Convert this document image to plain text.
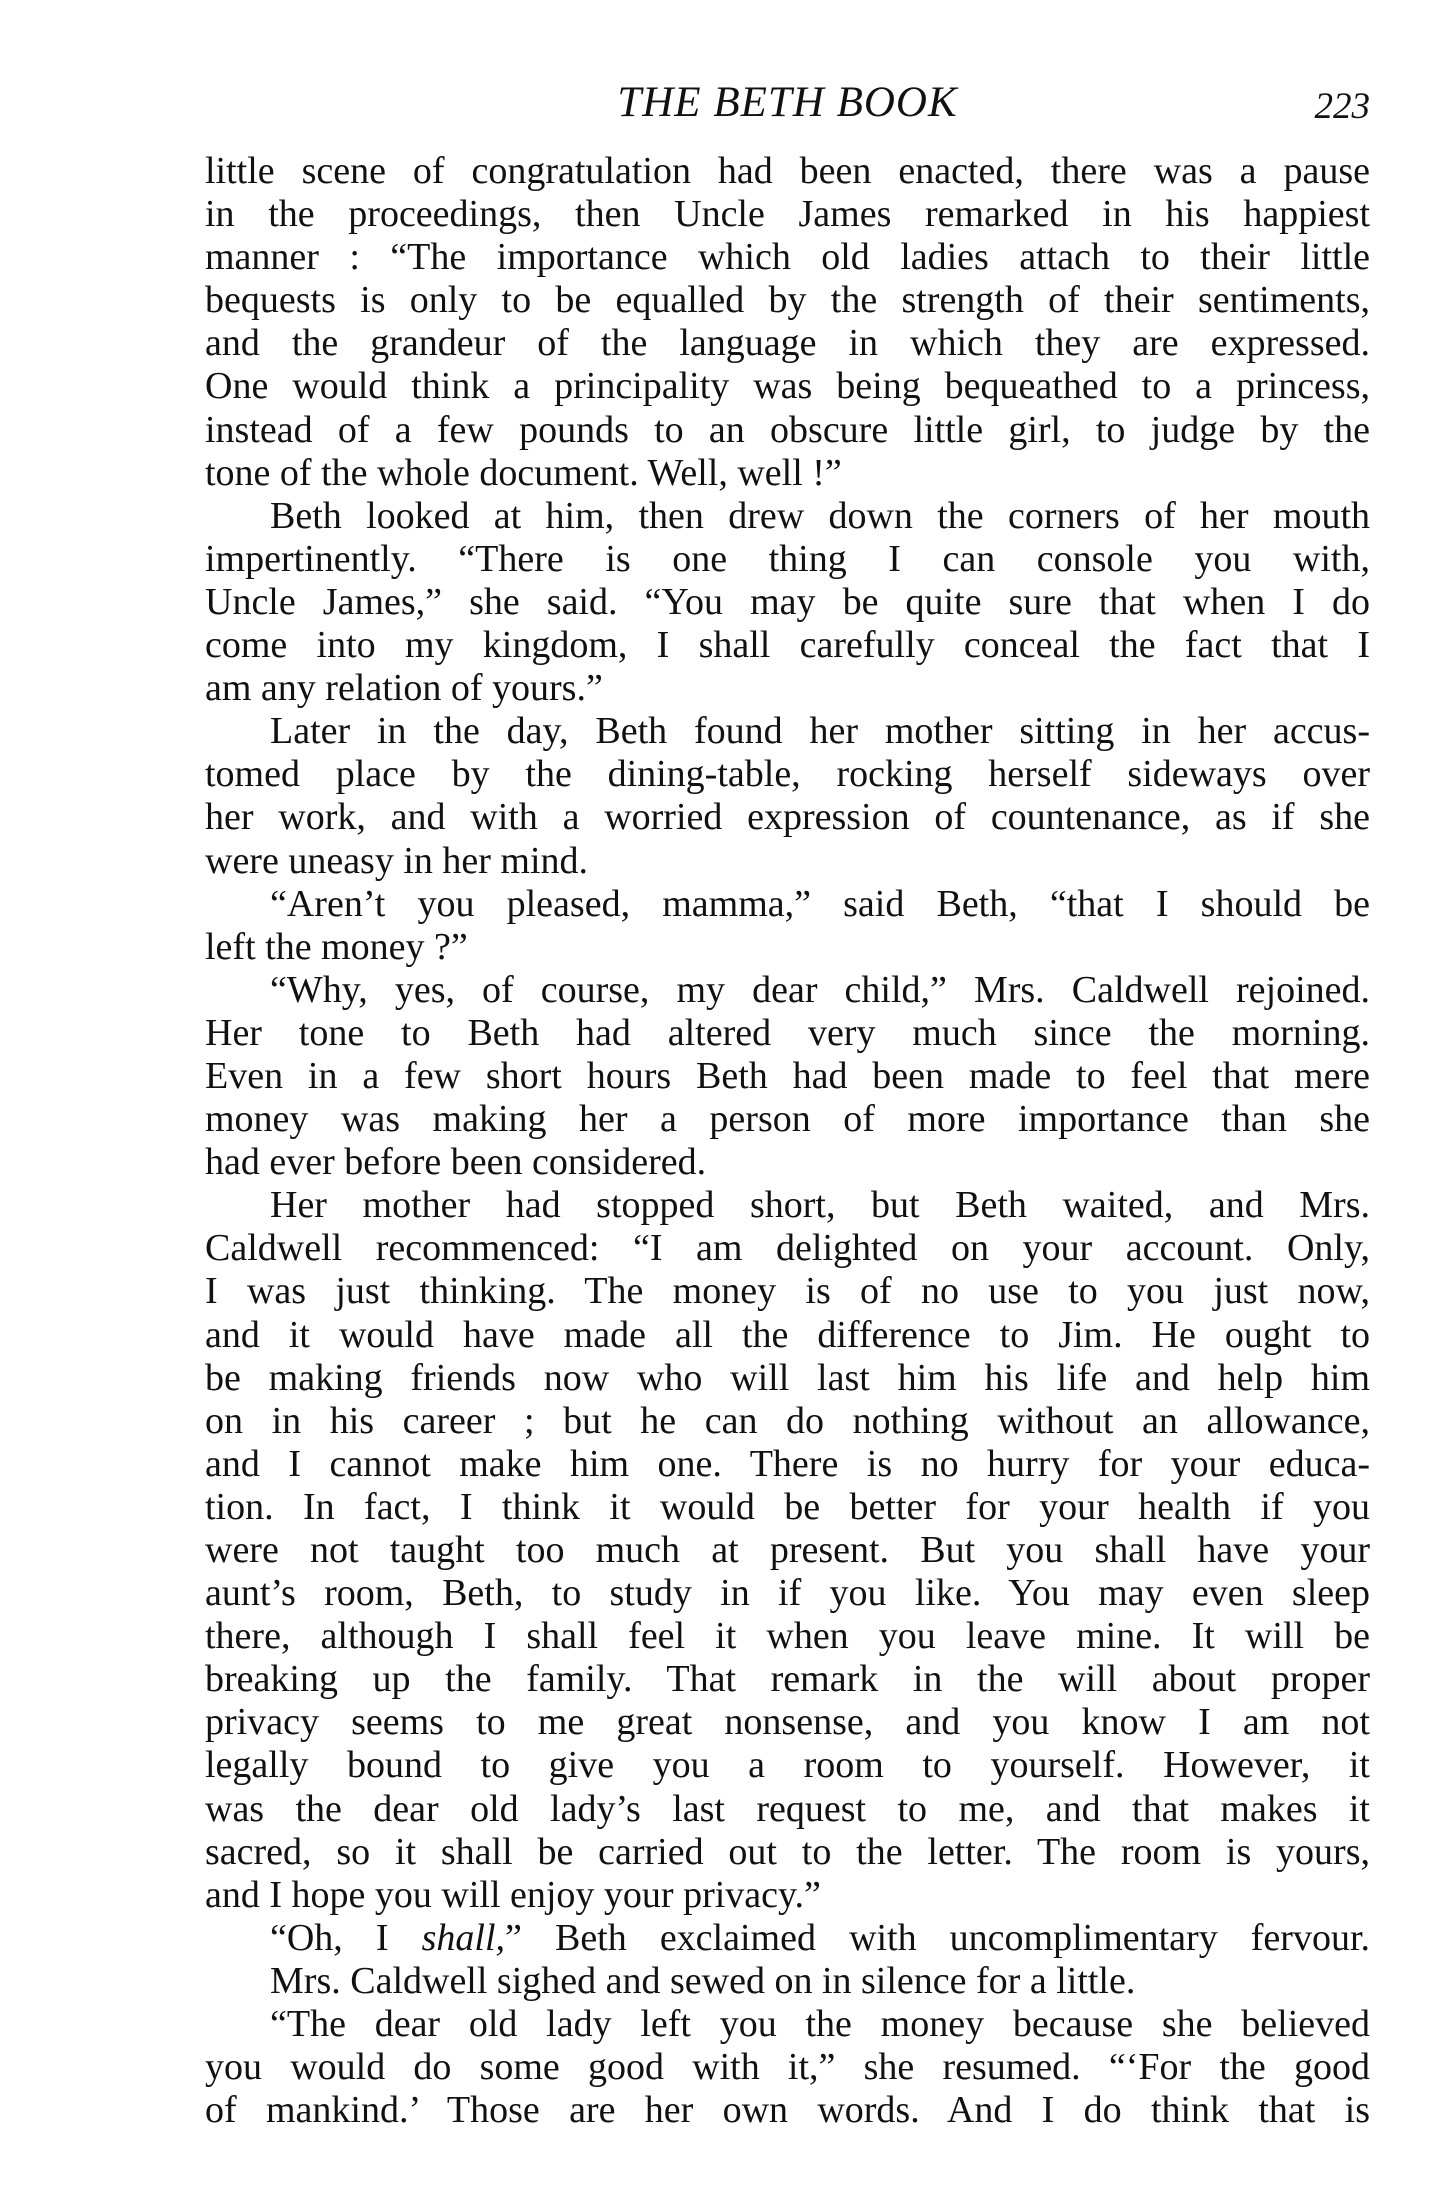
THE BETH BOOK	223
little scene of congratulation had been enacted, there was a pause
in the proceedings, then Uncle James remarked in his happiest
manner : “The importance which old ladies attach to their little
bequests is only to be equalled by the strength of their sentiments,
and the grandeur of the language in which they are expressed.
One would think a principality was being bequeathed to a princess,
instead of a few pounds to an obscure little girl, to judge by the
tone of the whole document. Well, well !”
Beth looked at him, then drew down the corners of her mouth
impertinently. “There is one thing I can console you with,
Uncle James,” she said. “You may be quite sure that when I do
come into my kingdom, I shall carefully conceal the fact that I
am any relation of yours.”
Later in the day, Beth found her mother sitting in her accus-
tomed place by the dining-table, rocking herself sideways over
her work, and with a worried expression of countenance, as if she
were uneasy in her mind.
“Aren’t you pleased, mamma,” said Beth, “that I should be
left the money ?”
“Why, yes, of course, my dear child,” Mrs. Caldwell rejoined.
Her tone to Beth had altered very much since the morning.
Even in a few short hours Beth had been made to feel that mere
money was making her a person of more importance than she
had ever before been considered.
Her mother had stopped short, but Beth waited, and Mrs.
Caldwell recommenced: “I am delighted on your account. Only,
I was just thinking. The money is of no use to you just now,
and it would have made all the difference to Jim. He ought to
be making friends now who will last him his life and help him
on in his career ; but he can do nothing without an allowance,
and I cannot make him one. There is no hurry for your educa-
tion. In fact, I think it would be better for your health if you
were not taught too much at present. But you shall have your
aunt’s room, Beth, to study in if you like. You may even sleep
there, although I shall feel it when you leave mine. It will be
breaking up the family. That remark in the will about proper
privacy seems to me great nonsense, and you know I am not
legally bound to give you a room to yourself. However, it
was the dear old lady’s last request to me, and that makes it
sacred, so it shall be carried out to the letter. The room is yours,
and I hope you will enjoy your privacy.”
“Oh, I shall,” Beth exclaimed with uncomplimentary fervour.
Mrs. Caldwell sighed and sewed on in silence for a little.
“The dear old lady left you the money because she believed
you would do some good with it,” she resumed. “‘For the good
of mankind.’ Those are her own words. And I do think that is
